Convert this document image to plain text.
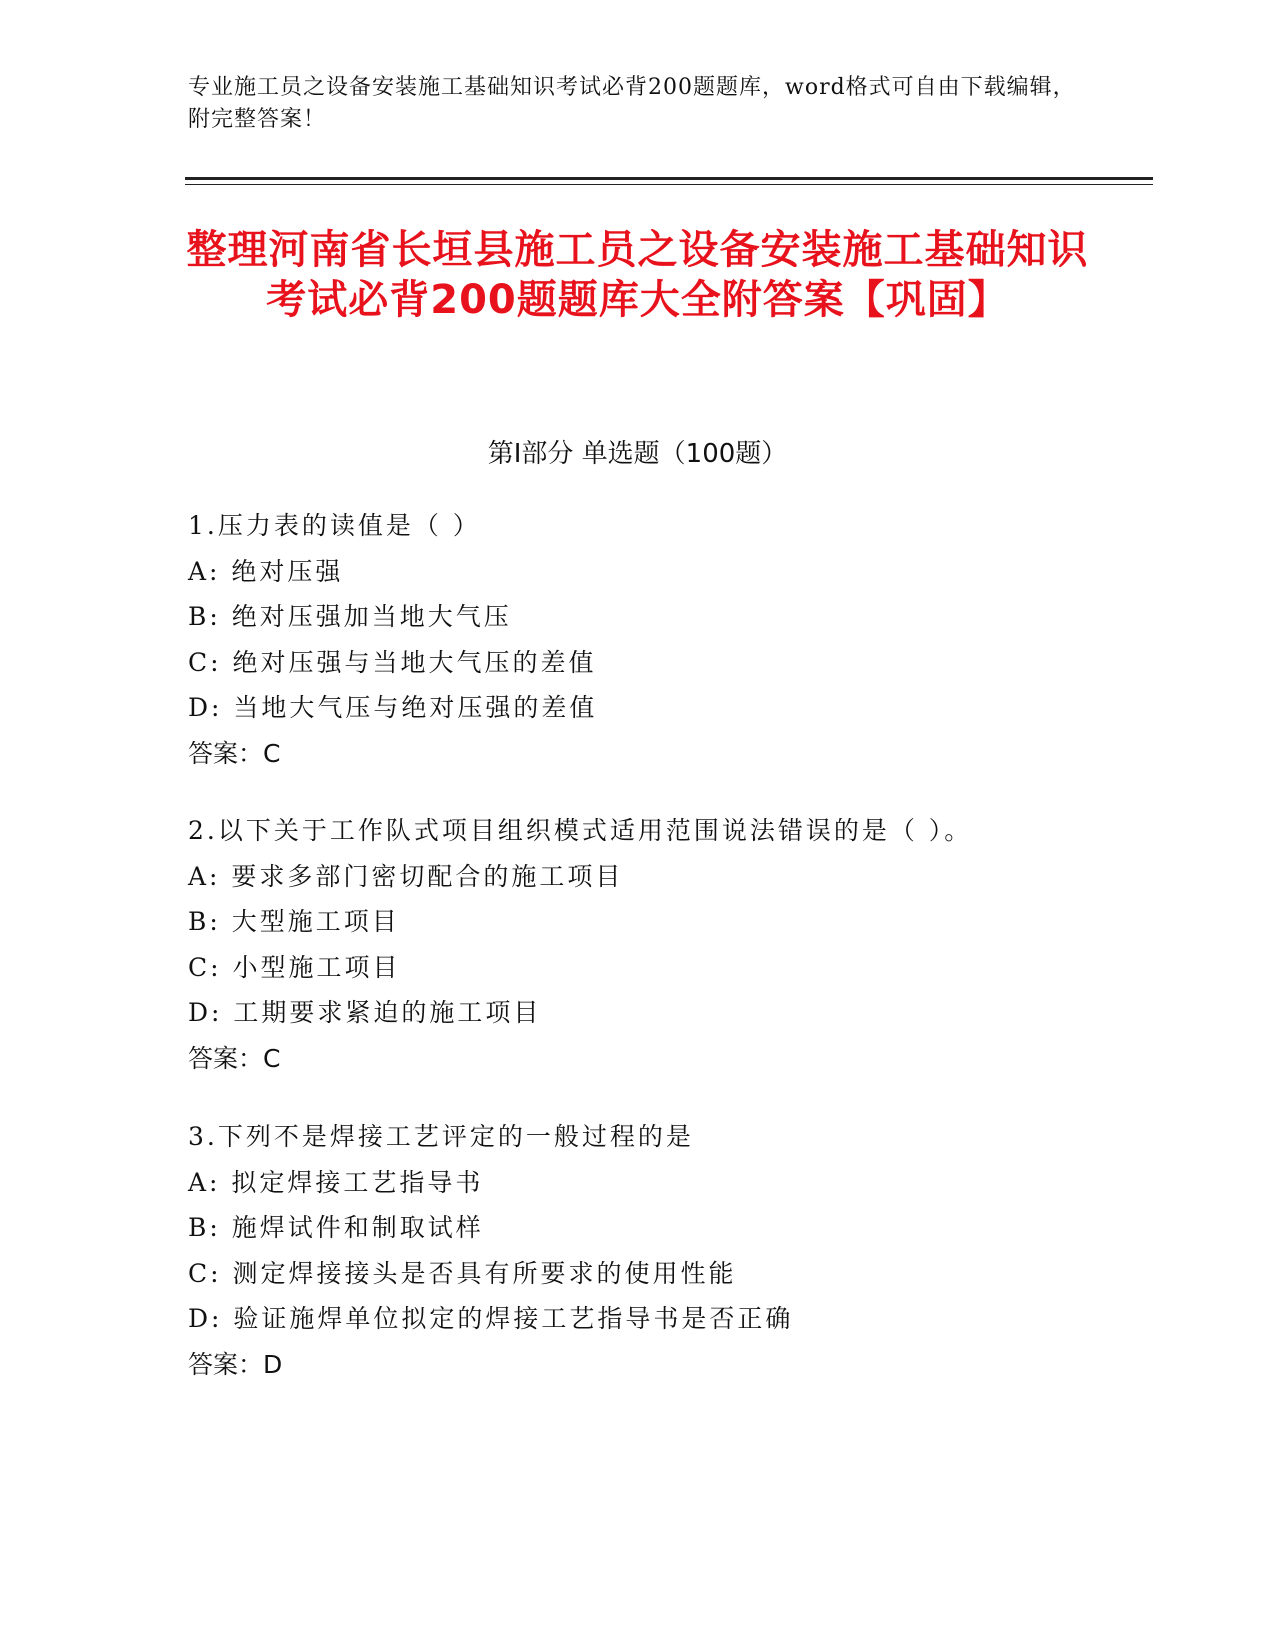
专业施工员之设备安装施工基础知识考试必背200题题库，word格式可自由下载编辑，附完整答案！
整理河南省长垣县施工员之设备安装施工基础知识考试必背200题题库大全附答案【巩固】
第I部分 单选题（100题）
1.压力表的读值是（ ）
A: 绝对压强
B: 绝对压强加当地大气压
C: 绝对压强与当地大气压的差值
D: 当地大气压与绝对压强的差值
答案：C
2.以下关于工作队式项目组织模式适用范围说法错误的是（ ）。
A: 要求多部门密切配合的施工项目
B: 大型施工项目
C: 小型施工项目
D: 工期要求紧迫的施工项目
答案：C
3.下列不是焊接工艺评定的一般过程的是
A: 拟定焊接工艺指导书
B: 施焊试件和制取试样
C: 测定焊接接头是否具有所要求的使用性能
D: 验证施焊单位拟定的焊接工艺指导书是否正确
答案：D
